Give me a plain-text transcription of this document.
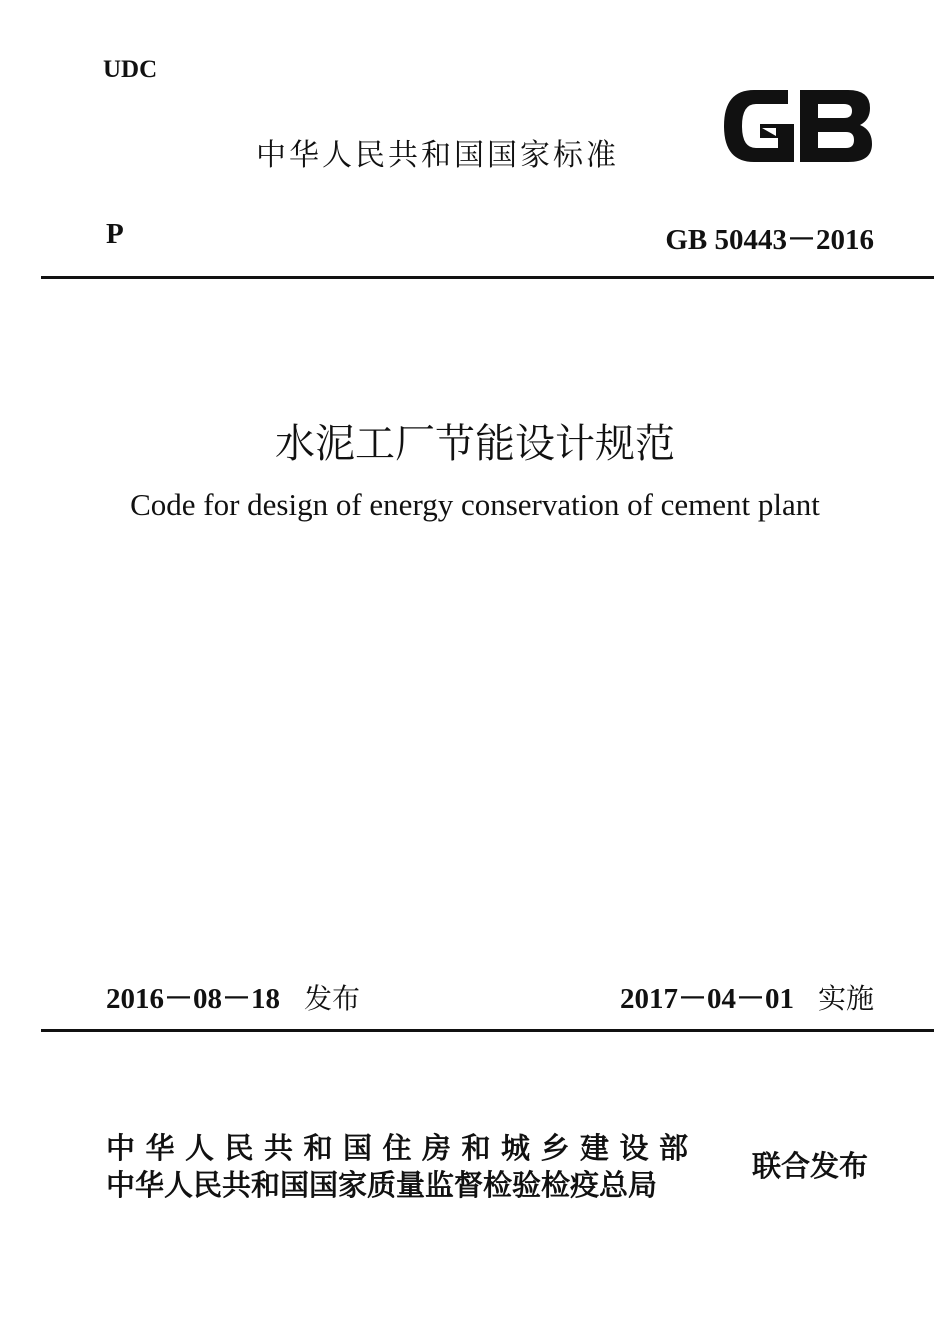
UDC
中华人民共和国国家标准
P	GB 50443－2016
水泥工厂节能设计规范
Code for design of energy conservation of cement plant
2016－08－18 发布	2017－04－01 实施
中华人民共和国住房和城乡建设部
中华人民共和国国家质量监督检验检疫总局
联合发布
